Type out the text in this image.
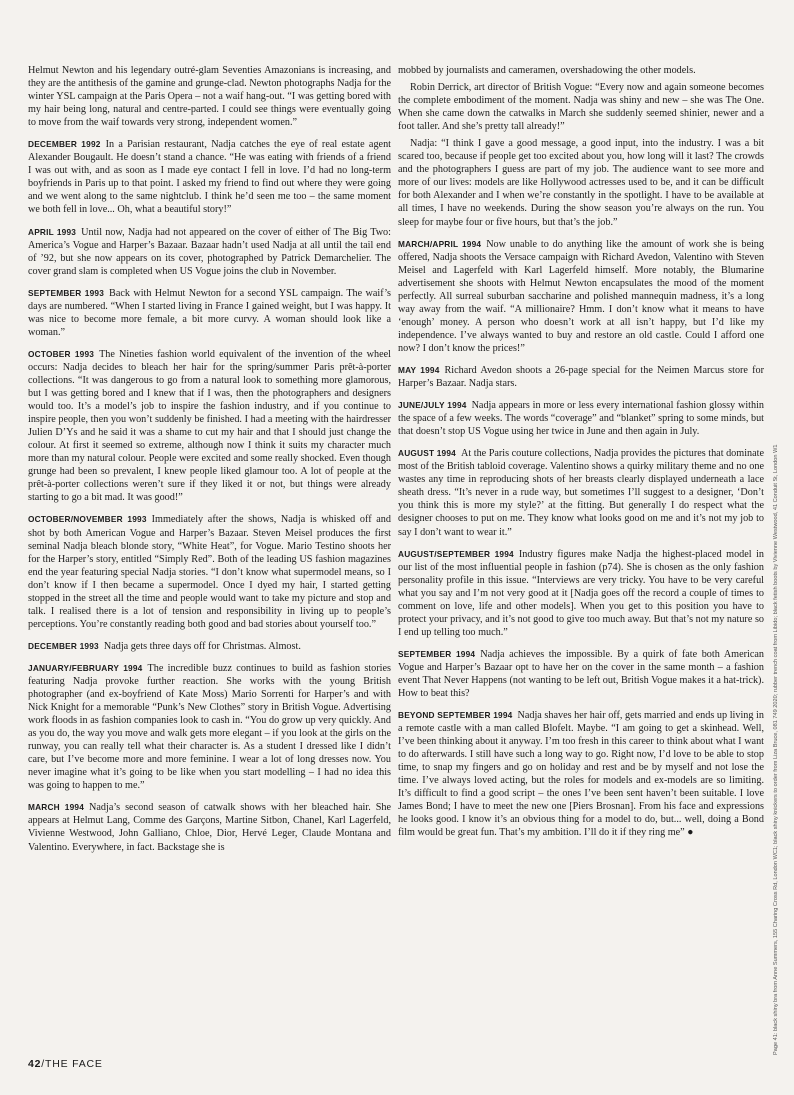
Helmut Newton and his legendary outré-glam Seventies Amazonians is increasing, and they are the antithesis of the gamine and grunge-clad. Newton photographs Nadja for the winter YSL campaign at the Paris Opera – not a waif hang-out. “I was getting bored with my hair being long, natural and centre-parted. I could see things were eventually going to move from the waif towards very strong, independent women.”

DECEMBER 1992 In a Parisian restaurant, Nadja catches the eye of real estate agent Alexander Bougault. He doesn’t stand a chance. “He was eating with friends of a friend I was out with, and as soon as I made eye contact I fell in love. I’d had no long-term boyfriends in Paris up to that point. I asked my friend to find out where they were going and we went along to the same nightclub. I think he’d seen me too – the same moment we both fell in love... Oh, what a beautiful story!”

APRIL 1993 Until now, Nadja had not appeared on the cover of either of The Big Two: America’s Vogue and Harper’s Bazaar. Bazaar hadn’t used Nadja at all until the tail end of ’92, but she now appears on its cover, photographed by Patrick Demarchelier. The cover grand slam is completed when US Vogue joins the club in November.

SEPTEMBER 1993 Back with Helmut Newton for a second YSL campaign. The waif’s days are numbered. “When I started living in France I gained weight, but I was happy. It was nice to become more female, a bit more curvy. A woman should look like a woman.”

OCTOBER 1993 The Nineties fashion world equivalent of the invention of the wheel occurs: Nadja decides to bleach her hair for the spring/summer Paris prêt-à-porter collections. “It was dangerous to go from a natural look to something more glamorous, but I was getting bored and I knew that if I was, then the photographers and designers would too. It’s a model’s job to inspire the fashion industry, and if you continue to inspire people, then you won’t suddenly be finished. I had a meeting with the hairdresser Julien D’Ys and he said it was a shame to cut my hair and that I should just change the colour. At first it seemed so extreme, although now I think it suits my character much more than my natural colour. People were excited and some really shocked. Even though grunge had been so prevalent, I knew people liked glamour too. A lot of people at the prêt-à-porter collections weren’t sure if they liked it or not, but things were already starting to go a bit mad. It was good!”

OCTOBER/NOVEMBER 1993 Immediately after the shows, Nadja is whisked off and shot by both American Vogue and Harper’s Bazaar. Steven Meisel produces the first seminal Nadja bleach blonde story, “White Heat”, for Vogue. Mario Testino shoots her for the Harper’s story, entitled “Simply Red”. Both of the leading US fashion magazines end the year featuring special Nadja stories. “I don’t know what supermodel means, so I don’t know if I then became a supermodel. Once I dyed my hair, I started getting stopped in the street all the time and people would want to take my picture and stop and talk. I realised there is a lot of tension and responsibility in living up to people’s perceptions. You’re constantly reading both good and bad stories about yourself too.”

DECEMBER 1993 Nadja gets three days off for Christmas. Almost.

JANUARY/FEBRUARY 1994 The incredible buzz continues to build as fashion stories featuring Nadja provoke further reaction. She works with the young British photographer (and ex-boyfriend of Kate Moss) Mario Sorrenti for Harper’s and with Nick Knight for a memorable “Punk’s New Clothes” story in British Vogue. Advertising work floods in as fashion companies look to cash in. “You do grow up very quickly. And as you do, the way you move and walk gets more elegant – if you look at the girls on the runway, you can really tell what their character is. As a student I dressed like I didn’t care, but I’ve become more and more feminine. I wear a lot of long dresses now. You never imagine what it’s going to be like when you start modelling – I had no idea this was going to happen to me.”

MARCH 1994 Nadja’s second season of catwalk shows with her bleached hair. She appears at Helmut Lang, Comme des Garçons, Martine Sitbon, Chanel, Karl Lagerfeld, Vivienne Westwood, John Galliano, Chloe, Dior, Hervé Leger, Claude Montana and Valentino. Everywhere, in fact. Backstage she is

mobbed by journalists and cameramen, overshadowing the other models.

Robin Derrick, art director of British Vogue: “Every now and again someone becomes the complete embodiment of the moment. Nadja was shiny and new – she was The One. When she came down the catwalks in March she suddenly seemed shinier, newer and a foot taller. And she’s pretty tall already!”

Nadja: “I think I gave a good message, a good input, into the industry. I was a bit scared too, because if people get too excited about you, how long will it last? The crowds and the photographers I guess are part of my job. The audience want to see more and more of our lives: models are like Hollywood actresses used to be, and it can be difficult for both Alexander and I when we’re constantly in the spotlight. I have to be available at all times, I have no weekends. During the show season you’re always on the run. You sleep for maybe four or five hours, but that’s the job.”

MARCH/APRIL 1994 Now unable to do anything like the amount of work she is being offered, Nadja shoots the Versace campaign with Richard Avedon, Valentino with Steven Meisel and Lagerfeld with Karl Lagerfeld himself. More notably, the Blumarine advertisement she shoots with Helmut Newton encapsulates the mood of the moment perfectly. All surreal suburban saccharine and polished mannequin madness, it’s a long way away from the waif. “A millionaire? Hmm. I don’t know what it means to have ‘enough’ money. A person who doesn’t work at all isn’t happy, but I’d like my independence. I’ve always wanted to buy and restore an old castle. Could I afford one now? I don’t know the prices!”

MAY 1994 Richard Avedon shoots a 26-page special for the Neimen Marcus store for Harper’s Bazaar. Nadja stars.

JUNE/JULY 1994 Nadja appears in more or less every international fashion glossy within the space of a few weeks. The words “coverage” and “blanket” spring to some minds, but that doesn’t stop US Vogue using her twice in June and then again in July.

AUGUST 1994 At the Paris couture collections, Nadja provides the pictures that dominate most of the British tabloid coverage. Valentino shows a quirky military theme and no one wastes any time in reproducing shots of her breasts clearly displayed underneath a lace sheath dress. “It’s never in a rude way, but sometimes I’ll suggest to a designer, ‘Don’t you think this is more my style?’ at the fitting. But generally I do respect what the designer chooses to put on me. They know what looks good on me and it’s not my job to say I don’t want to wear it.”

AUGUST/SEPTEMBER 1994 Industry figures make Nadja the highest-placed model in our list of the most influential people in fashion (p74). She is chosen as the only fashion personality profile in this issue. “Interviews are very tricky. You have to be very careful what you say and I’m not very good at it [Nadja goes off the record a couple of times to comment on love, life and other models]. When you get to this position you have to protect your privacy, and it’s not good to give too much away. But that’s not my nature so I end up telling too much.”

SEPTEMBER 1994 Nadja achieves the impossible. By a quirk of fate both American Vogue and Harper’s Bazaar opt to have her on the cover in the same month – a fashion event That Never Happens (not wanting to be left out, British Vogue makes it a hat-trick). How to beat this?

BEYOND SEPTEMBER 1994 Nadja shaves her hair off, gets married and ends up living in a remote castle with a man called Blofelt. Maybe. “I am going to get a skinhead. Well, I’ve been thinking about it anyway. I’m too fresh in this career to think about what I want to do afterwards. I still have such a long way to go. Right now, I’d love to be able to stop time, to snap my fingers and go on holiday and rest and be by myself and not lose the time. I’ve always loved acting, but the roles for models and ex-models are so limiting. It’s difficult to find a good script – the ones I’ve been sent haven’t been suitable. I love James Bond; I have to meet the new one [Piers Brosnan]. From his face and expressions he looks good. I know it’s an obvious thing for a model to do, but... well, doing a Bond film would be great fun. That’s my ambition. I’ll do it if they ring me” ●

42/THE FACE
Page 41: black shiny bra from Anne Summers, 155 Charing Cross Rd, London WC1; black shiny knickers to order from Liza Bruce, 081 749 2020; rubber trench coat from Libido; black fetish boots by Vivienne Westwood, 41 Conduit St, London W1
